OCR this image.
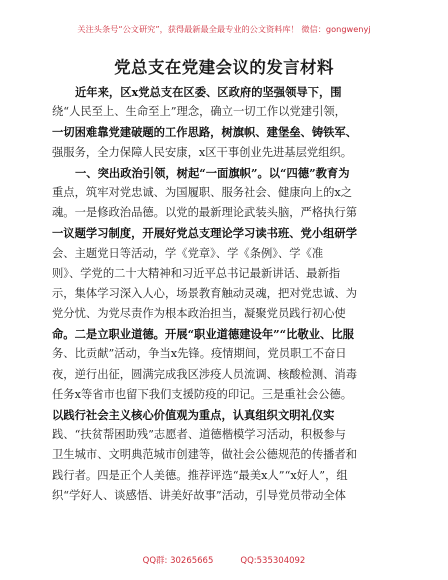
关注头条号“公文研究”，获得最新最全最专业的公文资料库！ 微信：gongwenyj
党总支在党建会议的发言材料
近年来，区x党总支在区委、区政府的坚强领导下，围
绕“人民至上、生命至上”理念，确立一切工作以党建引领，
一切困难靠党建破题的工作思路，树旗帜、建堡垒、铸铁军、
强服务，全力保障人民安康，x区干事创业先进基层党组织。
一、突出政治引领，树起“一面旗帜”。以“四德”教育为
重点，筑牢对党忠诚、为国履职、服务社会、健康向上的x之
魂。一是修政治品德。以党的最新理论武装头脑，严格执行第
一议题学习制度，开展好党总支理论学习读书班、党小组研学
会、主题党日等活动，学《党章》、学《条例》、学《准
则》、学党的二十大精神和习近平总书记最新讲话、最新指
示，集体学习深入人心，场景教育触动灵魂，把对党忠诚、为
党分忧、为党尽责作为根本政治担当，凝聚党员践行初心使
命。二是立职业道德。开展“职业道德建设年”“比敬业、比服
务、比贡献”活动，争当x先锋。疫情期间，党员职工不奋日
夜，逆行出征，圆满完成我区涉疫人员流调、核酸检测、消毒
任务x等省市也留下我们支援防疫的印记。三是重社会公德。
以践行社会主义核心价值观为重点，认真组织文明礼仪实
践、“扶贫帮困助残”志愿者、道德楷模学习活动，积极参与
卫生城市、文明典范城市创建等，做社会公德规范的传播者和
践行者。四是正个人美德。推荐评选“最美x人”“x好人”，组
织“学好人、谈感悟、讲美好故事”活动，引导党员带动全体
QQ群: 30265665	QQ:535304092
